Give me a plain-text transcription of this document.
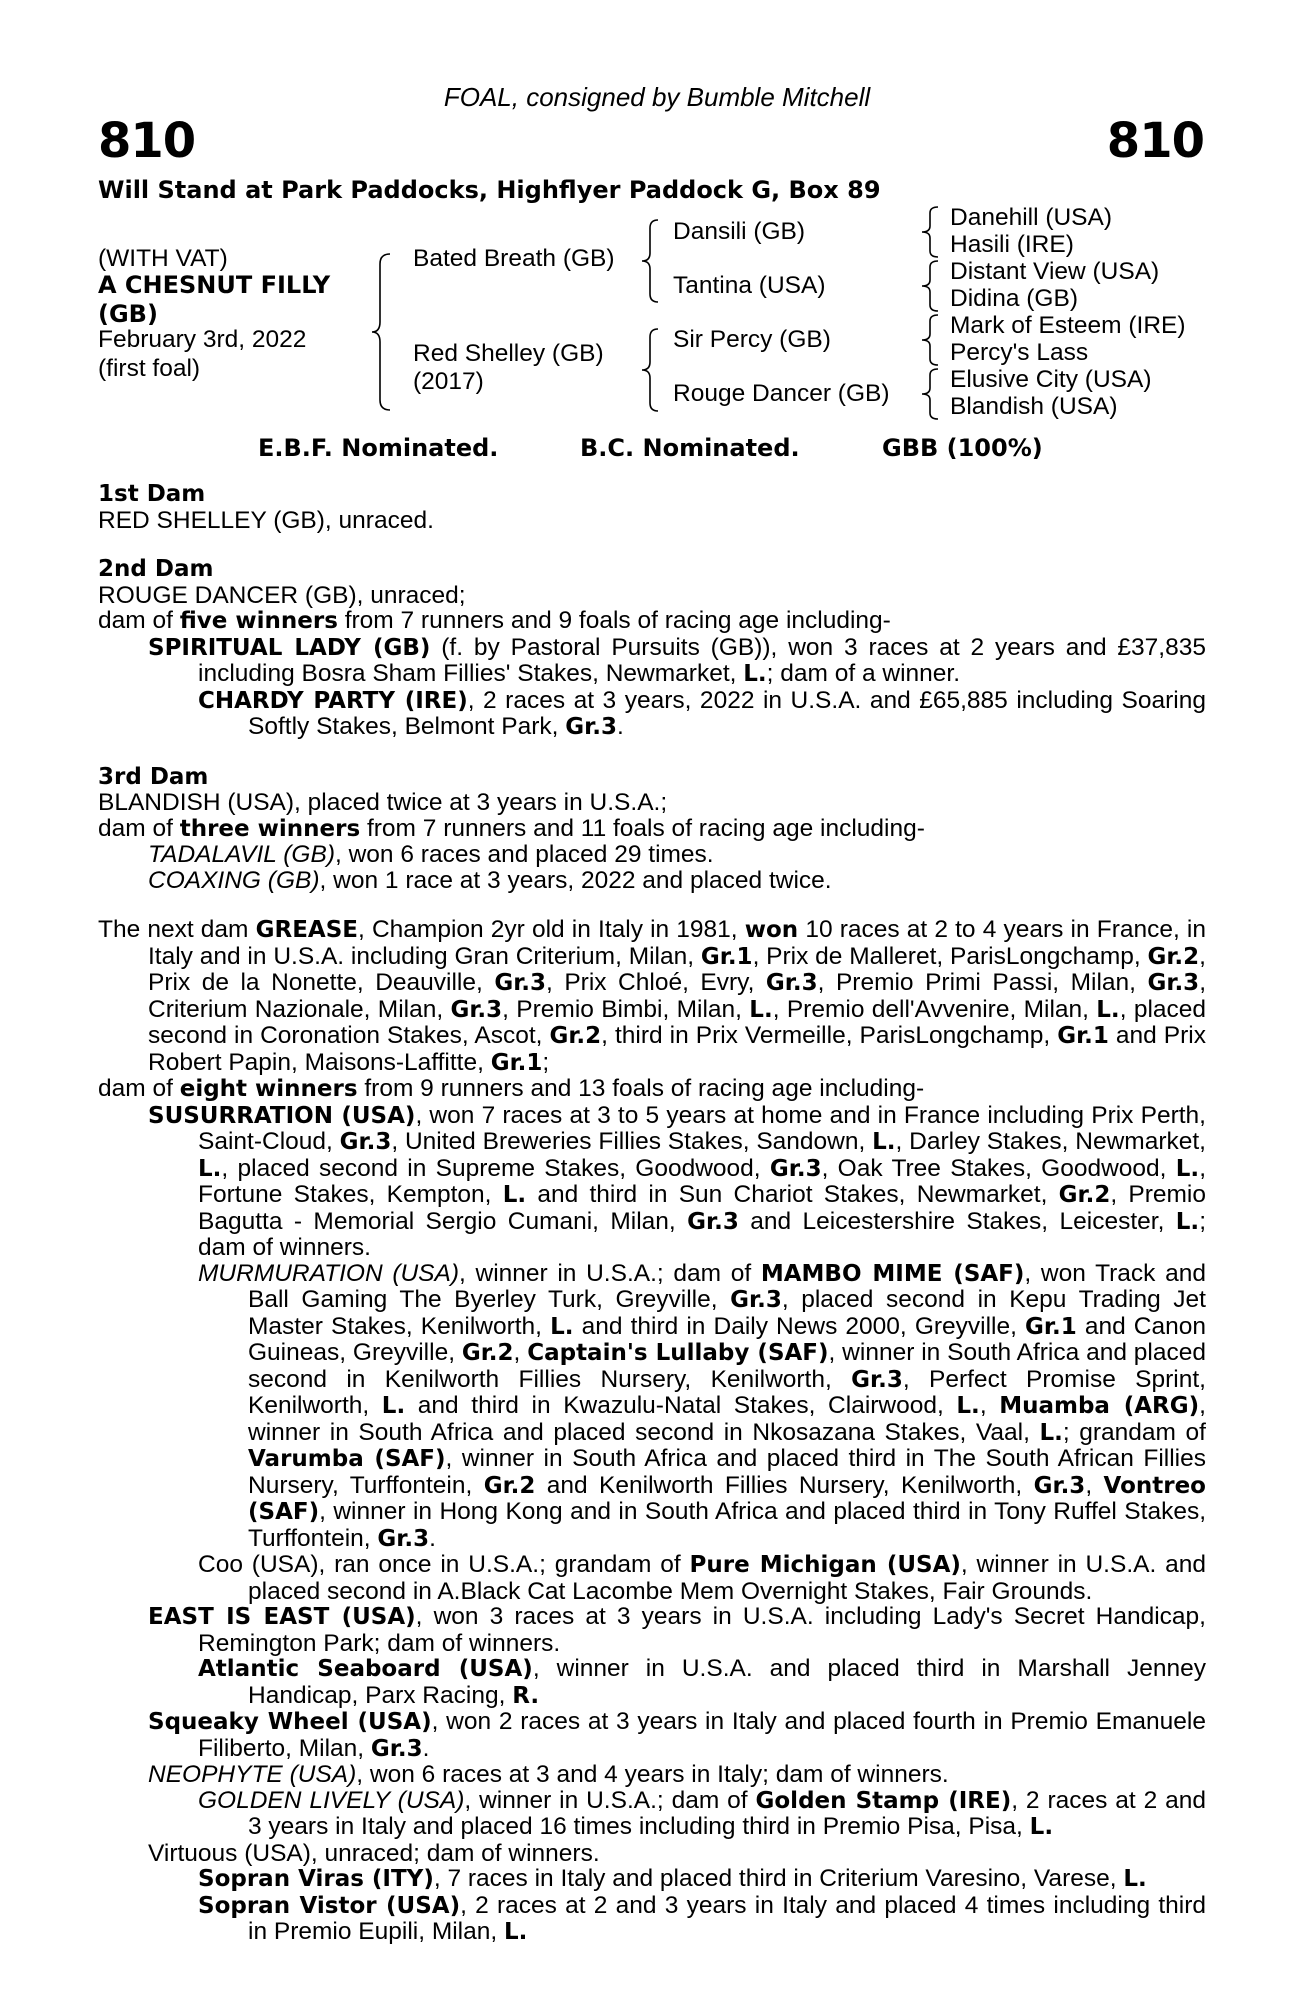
FOAL, consigned by Bumble Mitchell
810	810
Will Stand at Park Paddocks, Highflyer Paddock G, Box 89
(WITH VAT)
A CHESNUT FILLY
(GB)
February 3rd, 2022
(first foal)
Bated Breath (GB)
Red Shelley (GB)
(2017)
Dansili (GB)
Tantina (USA)
Sir Percy (GB)
Rouge Dancer (GB)
Danehill (USA)
Hasili (IRE)
Distant View (USA)
Didina (GB)
Mark of Esteem (IRE)
Percy's Lass
Elusive City (USA)
Blandish (USA)
E.B.F. Nominated.	B.C. Nominated.	GBB (100%)

1st Dam

RED SHELLEY (GB), unraced.

2nd Dam

ROUGE DANCER (GB), unraced;

dam of five winners from 7 runners and 9 foals of racing age including-

SPIRITUAL LADY (GB) (f. by Pastoral Pursuits (GB)), won 3 races at 2 years and £37,835 including Bosra Sham Fillies' Stakes, Newmarket, L.; dam of a winner.

CHARDY PARTY (IRE), 2 races at 3 years, 2022 in U.S.A. and £65,885 including Soaring Softly Stakes, Belmont Park, Gr.3.

3rd Dam

BLANDISH (USA), placed twice at 3 years in U.S.A.;

dam of three winners from 7 runners and 11 foals of racing age including-

TADALAVIL (GB), won 6 races and placed 29 times.

COAXING (GB), won 1 race at 3 years, 2022 and placed twice.

The next dam GREASE, Champion 2yr old in Italy in 1981, won 10 races at 2 to 4 years in France, in Italy and in U.S.A. including Gran Criterium, Milan, Gr.1, Prix de Malleret, ParisLongchamp, Gr.2, Prix de la Nonette, Deauville, Gr.3, Prix Chloé, Evry, Gr.3, Premio Primi Passi, Milan, Gr.3, Criterium Nazionale, Milan, Gr.3, Premio Bimbi, Milan, L., Premio dell'Avvenire, Milan, L., placed second in Coronation Stakes, Ascot, Gr.2, third in Prix Vermeille, ParisLongchamp, Gr.1 and Prix Robert Papin, Maisons-Laffitte, Gr.1;

dam of eight winners from 9 runners and 13 foals of racing age including-

SUSURRATION (USA), won 7 races at 3 to 5 years at home and in France including Prix Perth, Saint-Cloud, Gr.3, United Breweries Fillies Stakes, Sandown, L., Darley Stakes, Newmarket, L., placed second in Supreme Stakes, Goodwood, Gr.3, Oak Tree Stakes, Goodwood, L., Fortune Stakes, Kempton, L. and third in Sun Chariot Stakes, Newmarket, Gr.2, Premio Bagutta - Memorial Sergio Cumani, Milan, Gr.3 and Leicestershire Stakes, Leicester, L.; dam of winners.

MURMURATION (USA), winner in U.S.A.; dam of MAMBO MIME (SAF), won Track and Ball Gaming The Byerley Turk, Greyville, Gr.3, placed second in Kepu Trading Jet Master Stakes, Kenilworth, L. and third in Daily News 2000, Greyville, Gr.1 and Canon Guineas, Greyville, Gr.2, Captain's Lullaby (SAF), winner in South Africa and placed second in Kenilworth Fillies Nursery, Kenilworth, Gr.3, Perfect Promise Sprint, Kenilworth, L. and third in Kwazulu-Natal Stakes, Clairwood, L., Muamba (ARG), winner in South Africa and placed second in Nkosazana Stakes, Vaal, L.; grandam of Varumba (SAF), winner in South Africa and placed third in The South African Fillies Nursery, Turffontein, Gr.2 and Kenilworth Fillies Nursery, Kenilworth, Gr.3, Vontreo (SAF), winner in Hong Kong and in South Africa and placed third in Tony Ruffel Stakes, Turffontein, Gr.3.

Coo (USA), ran once in U.S.A.; grandam of Pure Michigan (USA), winner in U.S.A. and placed second in A.Black Cat Lacombe Mem Overnight Stakes, Fair Grounds.

EAST IS EAST (USA), won 3 races at 3 years in U.S.A. including Lady's Secret Handicap, Remington Park; dam of winners.

Atlantic Seaboard (USA), winner in U.S.A. and placed third in Marshall Jenney Handicap, Parx Racing, R.

Squeaky Wheel (USA), won 2 races at 3 years in Italy and placed fourth in Premio Emanuele Filiberto, Milan, Gr.3.

NEOPHYTE (USA), won 6 races at 3 and 4 years in Italy; dam of winners.

GOLDEN LIVELY (USA), winner in U.S.A.; dam of Golden Stamp (IRE), 2 races at 2 and 3 years in Italy and placed 16 times including third in Premio Pisa, Pisa, L.

Virtuous (USA), unraced; dam of winners.

Sopran Viras (ITY), 7 races in Italy and placed third in Criterium Varesino, Varese, L.

Sopran Vistor (USA), 2 races at 2 and 3 years in Italy and placed 4 times including third in Premio Eupili, Milan, L.
